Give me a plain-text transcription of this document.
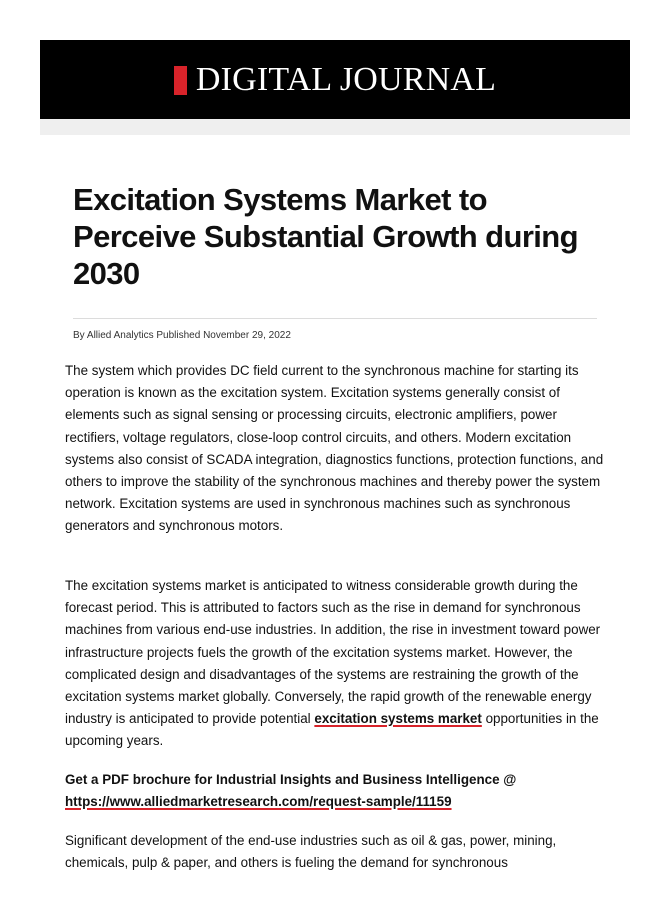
DIGITAL JOURNAL
Excitation Systems Market to Perceive Substantial Growth during 2030
By Allied Analytics Published November 29, 2022

The system which provides DC field current to the synchronous machine for starting its operation is known as the excitation system. Excitation systems generally consist of elements such as signal sensing or processing circuits, electronic amplifiers, power rectifiers, voltage regulators, close-loop control circuits, and others. Modern excitation systems also consist of SCADA integration, diagnostics functions, protection functions, and others to improve the stability of the synchronous machines and thereby power the system network. Excitation systems are used in synchronous machines such as synchronous generators and synchronous motors.

The excitation systems market is anticipated to witness considerable growth during the forecast period. This is attributed to factors such as the rise in demand for synchronous machines from various end-use industries. In addition, the rise in investment toward power infrastructure projects fuels the growth of the excitation systems market. However, the complicated design and disadvantages of the systems are restraining the growth of the excitation systems market globally. Conversely, the rapid growth of the renewable energy industry is anticipated to provide potential excitation systems market opportunities in the upcoming years.

Get a PDF brochure for Industrial Insights and Business Intelligence @
https://www.alliedmarketresearch.com/request-sample/11159

Significant development of the end-use industries such as oil & gas, power, mining, chemicals, pulp & paper, and others is fueling the demand for synchronous
